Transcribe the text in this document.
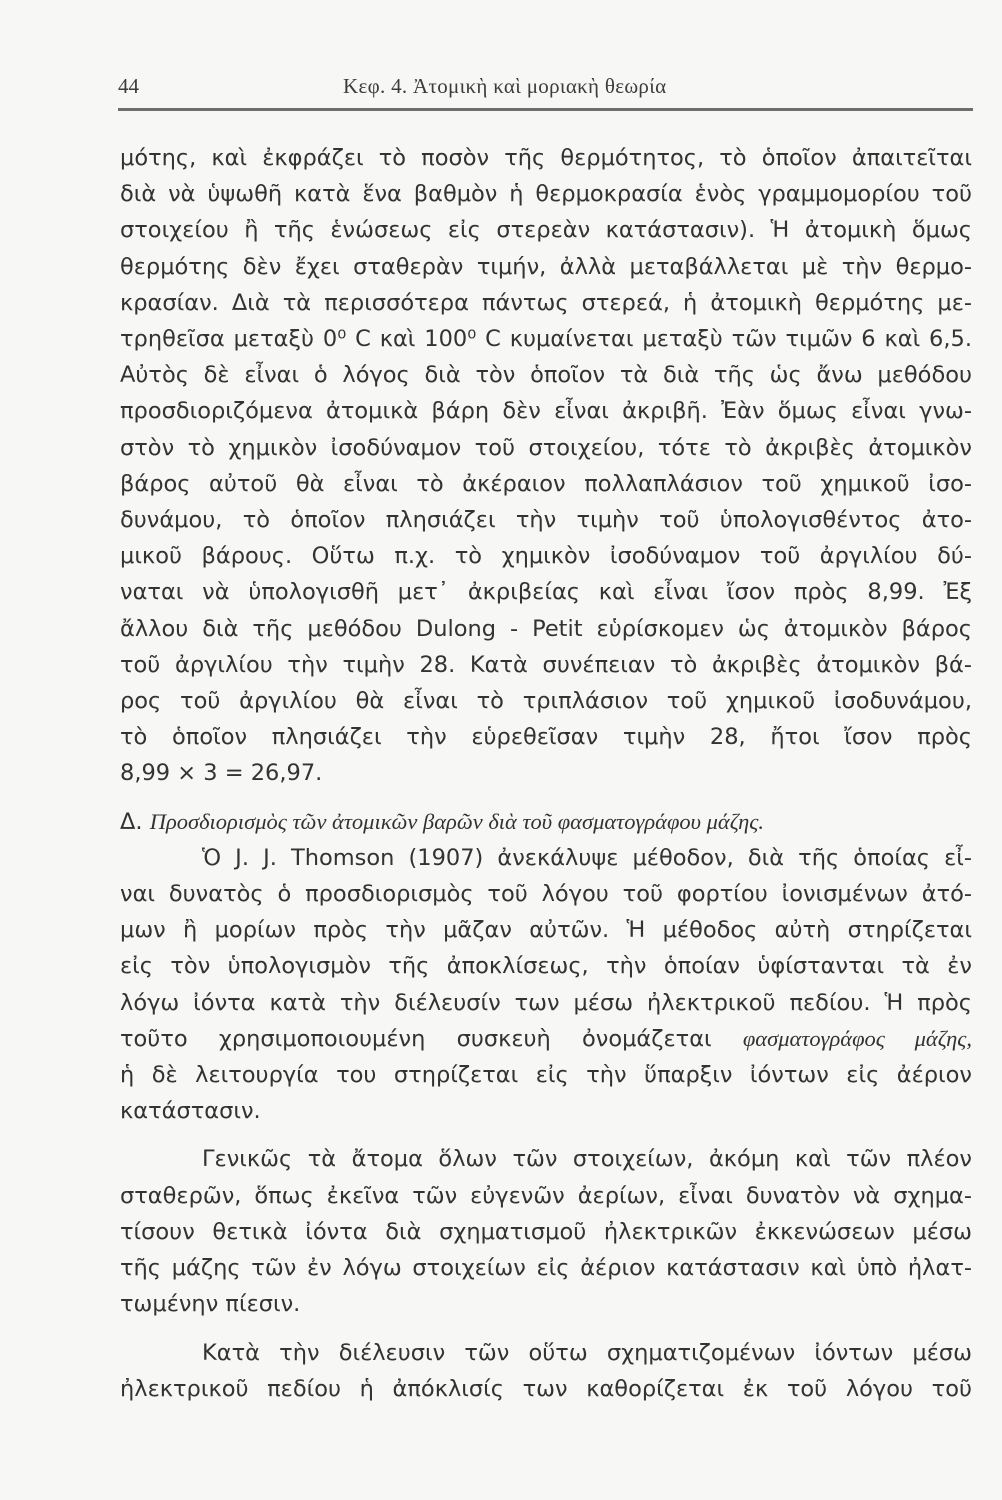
44	Κεφ. 4. Ἀτομικὴ καὶ μοριακὴ θεωρία
μότης, καὶ ἐκφράζει τὸ ποσὸν τῆς θερμότητος, τὸ ὁποῖον ἀπαιτεῖται
διὰ νὰ ὑψωθῆ κατὰ ἕνα βαθμὸν ἡ θερμοκρασία ἑνὸς γραμμομορίου τοῦ
στοιχείου ἢ τῆς ἑνώσεως εἰς στερεὰν κατάστασιν). Ἡ ἀτομικὴ ὅμως
θερμότης δὲν ἔχει σταθερὰν τιμήν, ἀλλὰ μεταβάλλεται μὲ τὴν θερμο-
κρασίαν. Διὰ τὰ περισσότερα πάντως στερεά, ἡ ἀτομικὴ θερμότης με-
τρηθεῖσα μεταξὺ 0⁰ C καὶ 100⁰ C κυμαίνεται μεταξὺ τῶν τιμῶν 6 καὶ 6,5.
Αὐτὸς δὲ εἶναι ὁ λόγος διὰ τὸν ὁποῖον τὰ διὰ τῆς ὡς ἄνω μεθόδου
προσδιοριζόμενα ἀτομικὰ βάρη δὲν εἶναι ἀκριβῆ. Ἐὰν ὅμως εἶναι γνω-
στὸν τὸ χημικὸν ἰσοδύναμον τοῦ στοιχείου, τότε τὸ ἀκριβὲς ἀτομικὸν
βάρος αὐτοῦ θὰ εἶναι τὸ ἀκέραιον πολλαπλάσιον τοῦ χημικοῦ ἰσο-
δυνάμου, τὸ ὁποῖον πλησιάζει τὴν τιμὴν τοῦ ὑπολογισθέντος ἀτο-
μικοῦ βάρους. Οὕτω π.χ. τὸ χημικὸν ἰσοδύναμον τοῦ ἀργιλίου δύ-
ναται νὰ ὑπολογισθῆ μετ᾽ ἀκριβείας καὶ εἶναι ἴσον πρὸς 8,99. Ἐξ
ἄλλου διὰ τῆς μεθόδου Dulong - Petit εὑρίσκομεν ὡς ἀτομικὸν βάρος
τοῦ ἀργιλίου τὴν τιμὴν 28. Κατὰ συνέπειαν τὸ ἀκριβὲς ἀτομικὸν βά-
ρος τοῦ ἀργιλίου θὰ εἶναι τὸ τριπλάσιον τοῦ χημικοῦ ἰσοδυνάμου,
τὸ ὁποῖον πλησιάζει τὴν εὑρεθεῖσαν τιμὴν 28, ἤτοι ἴσον πρὸς
8,99 × 3 = 26,97.
Δ. Προσδιορισμὸς τῶν ἀτομικῶν βαρῶν διὰ τοῦ φασματογράφου μάζης.
Ὁ J. J. Thomson (1907) ἀνεκάλυψε μέθοδον, διὰ τῆς ὁποίας εἶ-
ναι δυνατὸς ὁ προσδιορισμὸς τοῦ λόγου τοῦ φορτίου ἰονισμένων ἀτό-
μων ἢ μορίων πρὸς τὴν μᾶζαν αὐτῶν. Ἡ μέθοδος αὐτὴ στηρίζεται
εἰς τὸν ὑπολογισμὸν τῆς ἀποκλίσεως, τὴν ὁποίαν ὑφίστανται τὰ ἐν
λόγω ἰόντα κατὰ τὴν διέλευσίν των μέσω ἠλεκτρικοῦ πεδίου. Ἡ πρὸς
τοῦτο χρησιμοποιουμένη συσκευὴ ὀνομάζεται φασματογράφος μάζης,
ἡ δὲ λειτουργία του στηρίζεται εἰς τὴν ὕπαρξιν ἰόντων εἰς ἀέριον
κατάστασιν.
Γενικῶς τὰ ἄτομα ὅλων τῶν στοιχείων, ἀκόμη καὶ τῶν πλέον
σταθερῶν, ὅπως ἐκεῖνα τῶν εὐγενῶν ἀερίων, εἶναι δυνατὸν νὰ σχημα-
τίσουν θετικὰ ἰόντα διὰ σχηματισμοῦ ἠλεκτρικῶν ἐκκενώσεων μέσω
τῆς μάζης τῶν ἐν λόγω στοιχείων εἰς ἀέριον κατάστασιν καὶ ὑπὸ ἠλατ-
τωμένην πίεσιν.
Κατὰ τὴν διέλευσιν τῶν οὕτω σχηματιζομένων ἰόντων μέσω
ἠλεκτρικοῦ πεδίου ἡ ἀπόκλισίς των καθορίζεται ἐκ τοῦ λόγου τοῦ
